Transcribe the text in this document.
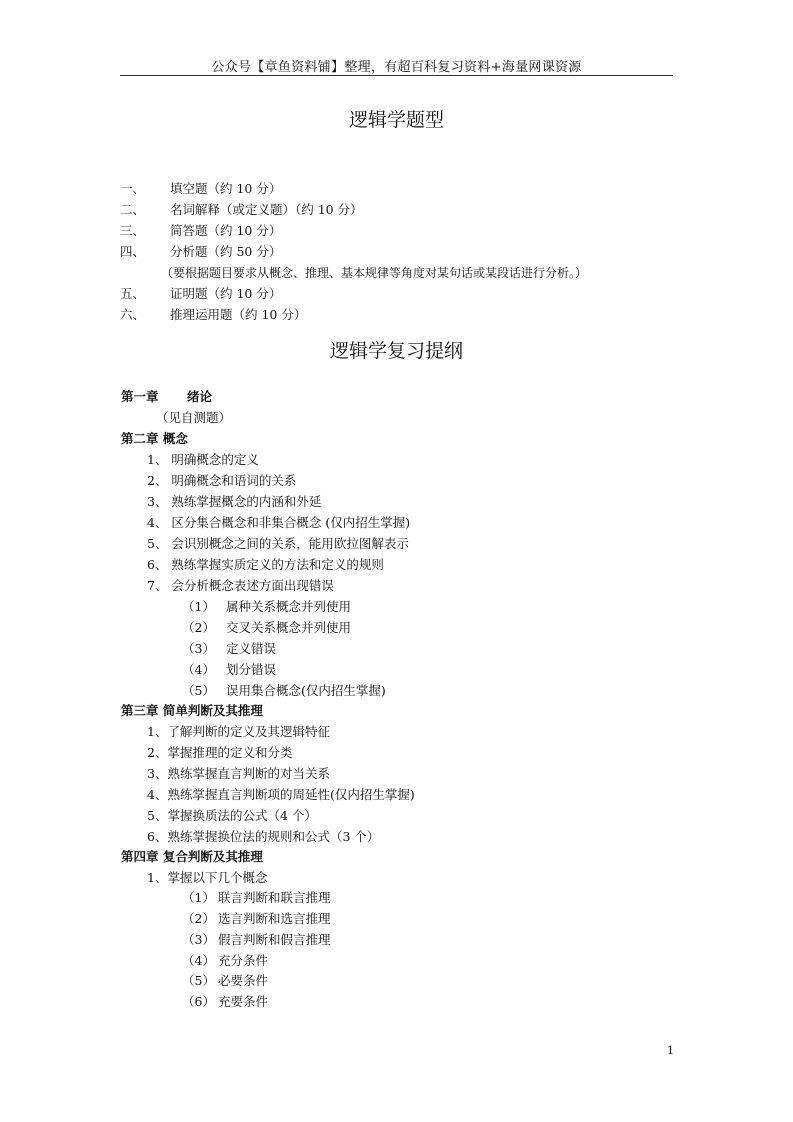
公众号【章鱼资料铺】整理，有超百科复习资料+海量网课资源
逻辑学题型
一、 填空题（约 10 分）
二、 名词解释（或定义题）（约 10 分）
三、 简答题（约 10 分）
四、 分析题（约 50 分）
（要根据题目要求从概念、推理、基本规律等角度对某句话或某段话进行分析。）
五、 证明题（约 10 分）
六、 推理运用题（约 10 分）
逻辑学复习提纲
第一章 绪论
（见自测题）
第二章 概念
1、 明确概念的定义
2、 明确概念和语词的关系
3、 熟练掌握概念的内涵和外延
4、 区分集合概念和非集合概念 (仅内招生掌握)
5、 会识别概念之间的关系，能用欧拉图解表示
6、 熟练掌握实质定义的方法和定义的规则
7、 会分析概念表述方面出现错误
（1） 属种关系概念并列使用
（2） 交叉关系概念并列使用
（3） 定义错误
（4） 划分错误
（5） 误用集合概念(仅内招生掌握)
第三章 简单判断及其推理
1、了解判断的定义及其逻辑特征
2、掌握推理的定义和分类
3、熟练掌握直言判断的对当关系
4、熟练掌握直言判断项的周延性(仅内招生掌握)
5、掌握换质法的公式（4 个）
6、熟练掌握换位法的规则和公式（3 个）
第四章 复合判断及其推理
1、掌握以下几个概念
（1） 联言判断和联言推理
（2） 选言判断和选言推理
（3） 假言判断和假言推理
（4） 充分条件
（5） 必要条件
（6） 充要条件
1
